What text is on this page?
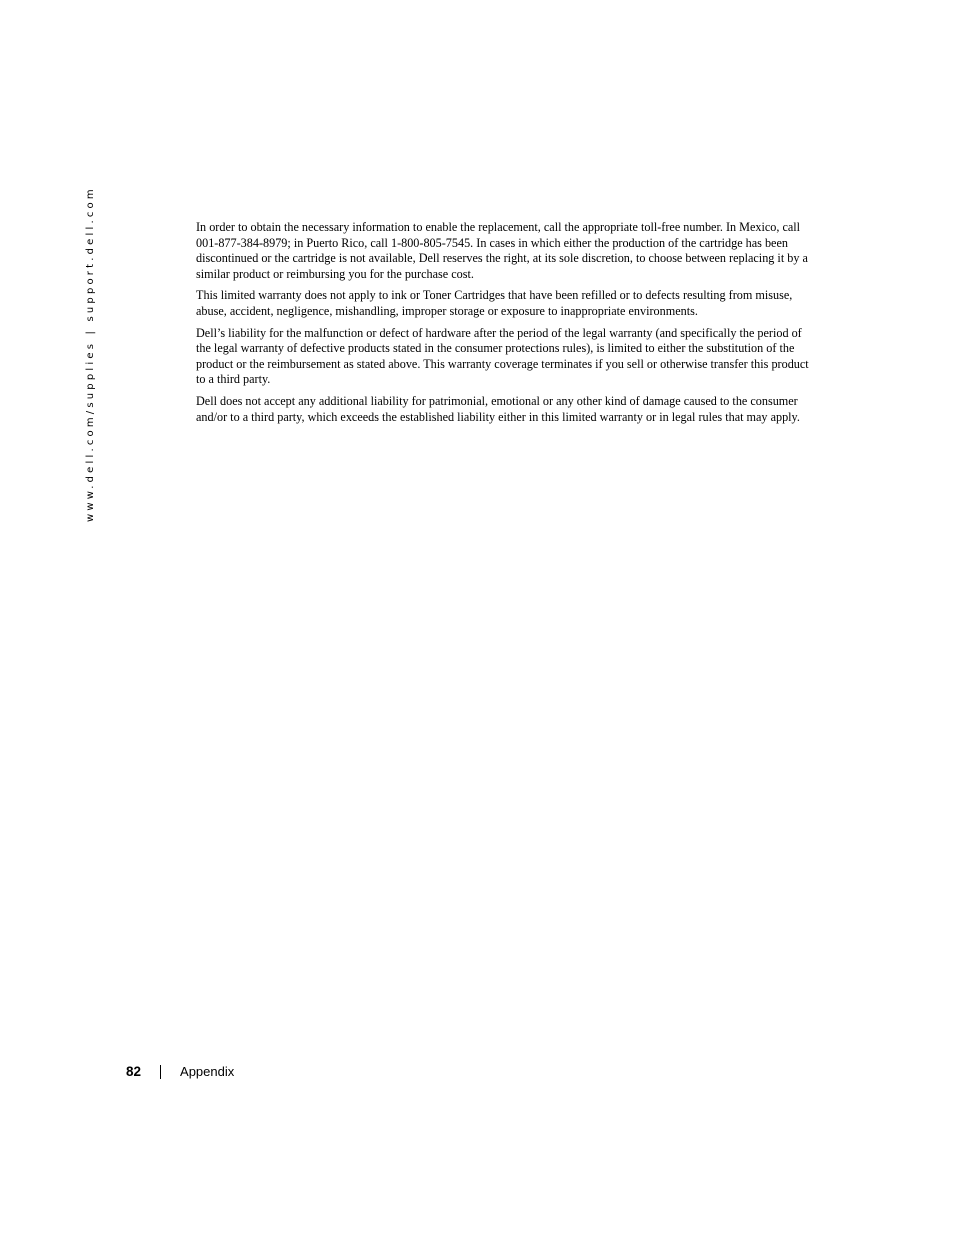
www.dell.com/supplies | support.dell.com	In order to obtain the necessary information to enable the replacement, call the appropriate toll-free number. In Mexico, call 001-877-384-8979; in Puerto Rico, call 1-800-805-7545. In cases in which either the production of the cartridge has been discontinued or the cartridge is not available, Dell reserves the right, at its sole discretion, to choose between replacing it by a similar product or reimbursing you for the purchase cost.

This limited warranty does not apply to ink or Toner Cartridges that have been refilled or to defects resulting from misuse, abuse, accident, negligence, mishandling, improper storage or exposure to inappropriate environments.

Dell’s liability for the malfunction or defect of hardware after the period of the legal warranty (and specifically the period of the legal warranty of defective products stated in the consumer protections rules), is limited to either the substitution of the product or the reimbursement as stated above. This warranty coverage terminates if you sell or otherwise transfer this product to a third party.

Dell does not accept any additional liability for patrimonial, emotional or any other kind of damage caused to the consumer and/or to a third party, which exceeds the established liability either in this limited warranty or in legal rules that may apply.

82	Appendix
